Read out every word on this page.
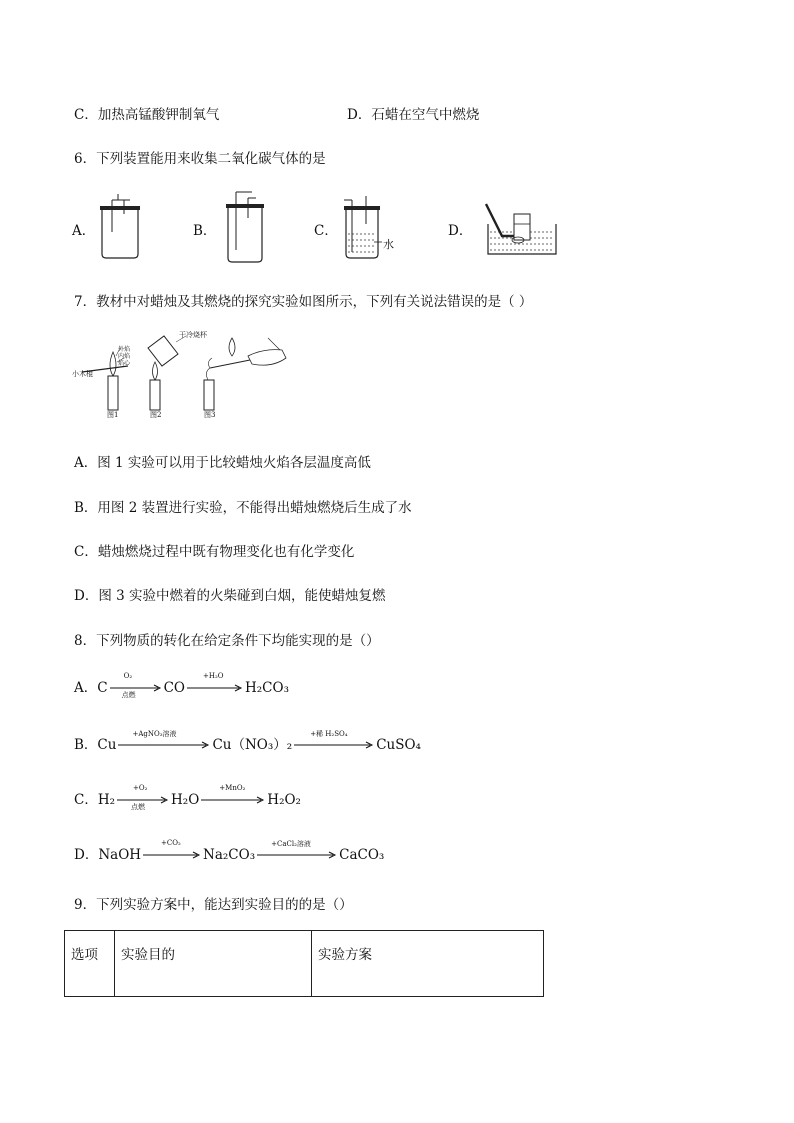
C．加热高锰酸钾制氧气	D．石蜡在空气中燃烧
6．下列装置能用来收集二氧化碳气体的是
A．	B．	C．
水
D．
7．教材中对蜡烛及其燃烧的探究实验如图所示，下列有关说法错误的是（ ）
小木棍
外焰
内焰
焰心
干冷烧杯
图1	图2	图3
A．图 1 实验可以用于比较蜡烛火焰各层温度高低
B．用图 2 装置进行实验，不能得出蜡烛燃烧后生成了水
C．蜡烛燃烧过程中既有物理变化也有化学变化
D．图 3 实验中燃着的火柴碰到白烟，能使蜡烛复燃
8．下列物质的转化在给定条件下均能实现的是（）
A． C
O₂
点燃 CO
+H₂O
H₂CO₃
B． Cu
+AgNO₃溶液
Cu（NO₃）₂
+稀 H₂SO₄
CuSO₄
C． H₂
+O₂
点燃 H₂O
+MnO₂
H₂O₂
D． NaOH
+CO₂
Na₂CO₃
+CaCl₂溶液
CaCO₃
9．下列实验方案中，能达到实验目的的是（）
选项	实验目的	实验方案
